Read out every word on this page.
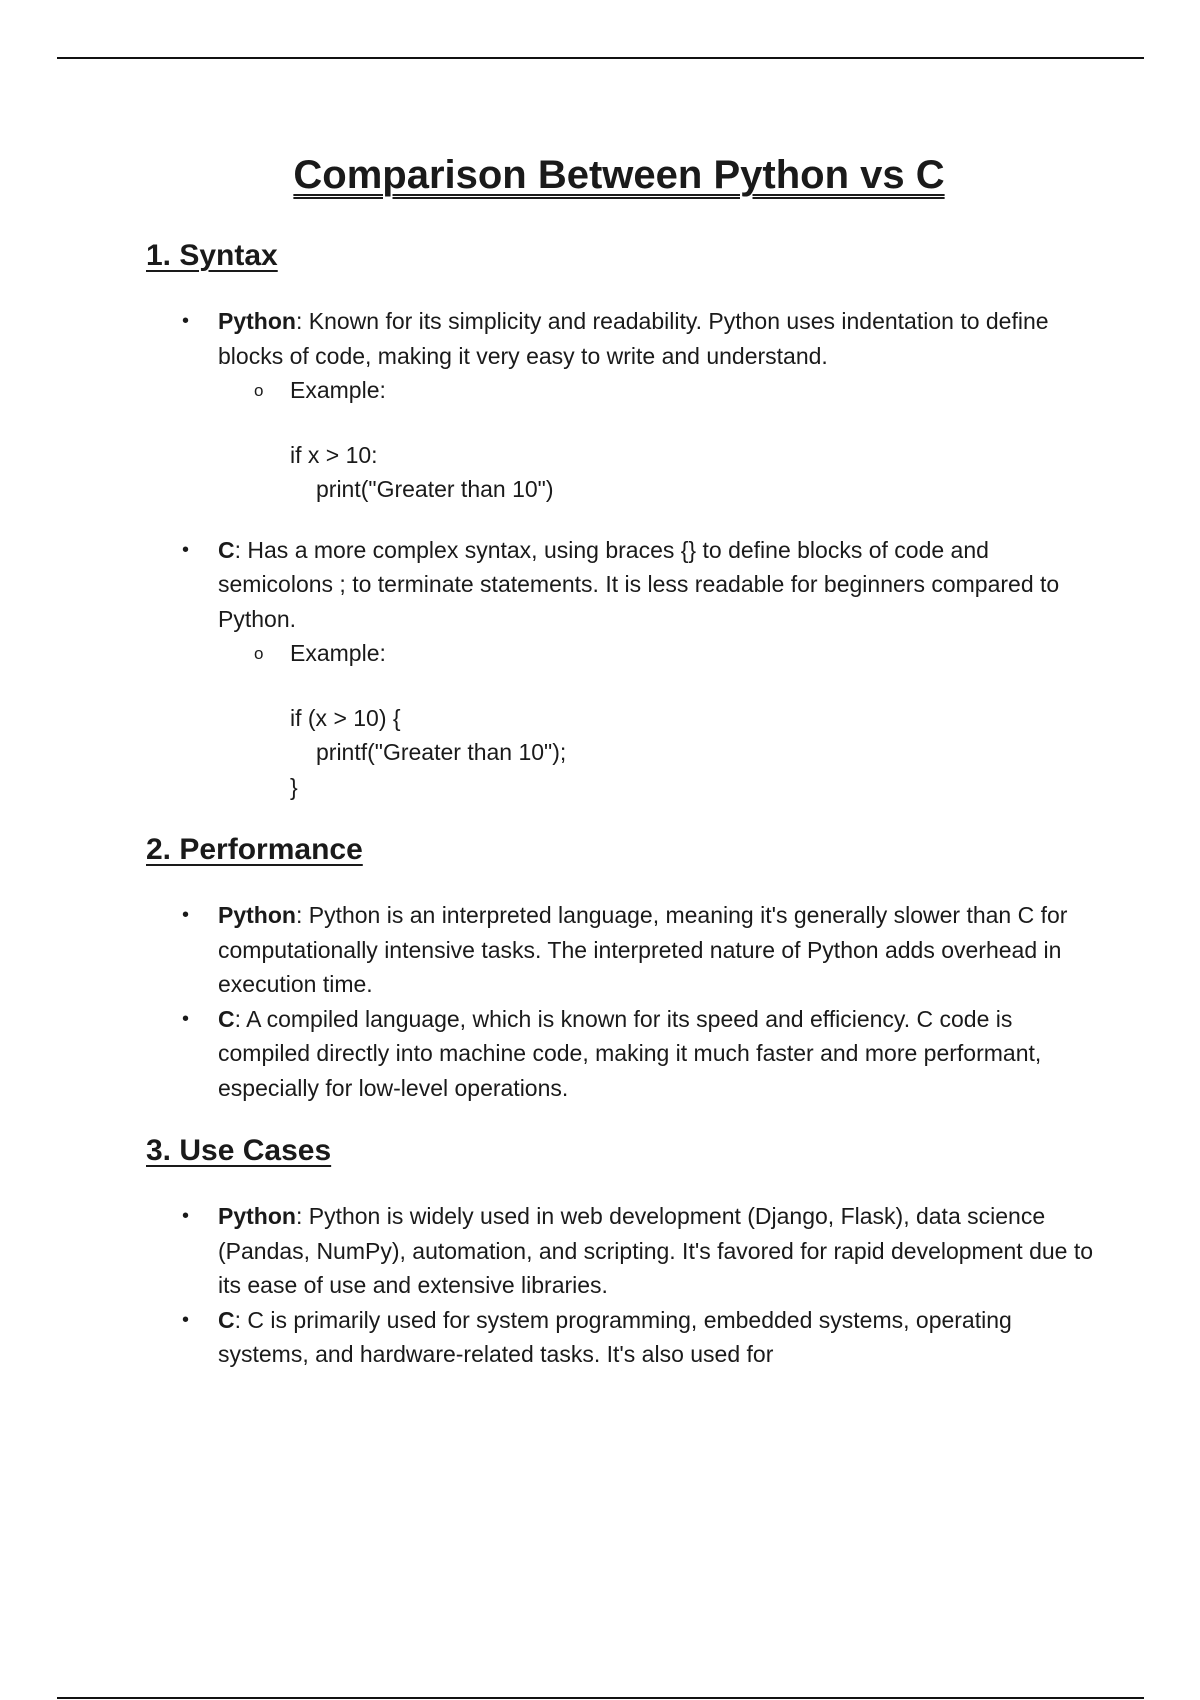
Comparison Between Python vs C
1. Syntax
• Python: Known for its simplicity and readability. Python uses indentation to define blocks of code, making it very easy to write and understand.
o Example:
if x > 10:
print("Greater than 10")
• C: Has a more complex syntax, using braces {} to define blocks of code and semicolons ; to terminate statements. It is less readable for beginners compared to Python.
o Example:
if (x > 10) {
printf("Greater than 10");
}
2. Performance
• Python: Python is an interpreted language, meaning it's generally slower than C for computationally intensive tasks. The interpreted nature of Python adds overhead in execution time.
• C: A compiled language, which is known for its speed and efficiency. C code is compiled directly into machine code, making it much faster and more performant, especially for low-level operations.
3. Use Cases
• Python: Python is widely used in web development (Django, Flask), data science (Pandas, NumPy), automation, and scripting. It's favored for rapid development due to its ease of use and extensive libraries.
• C: C is primarily used for system programming, embedded systems, operating systems, and hardware-related tasks. It's also used for
